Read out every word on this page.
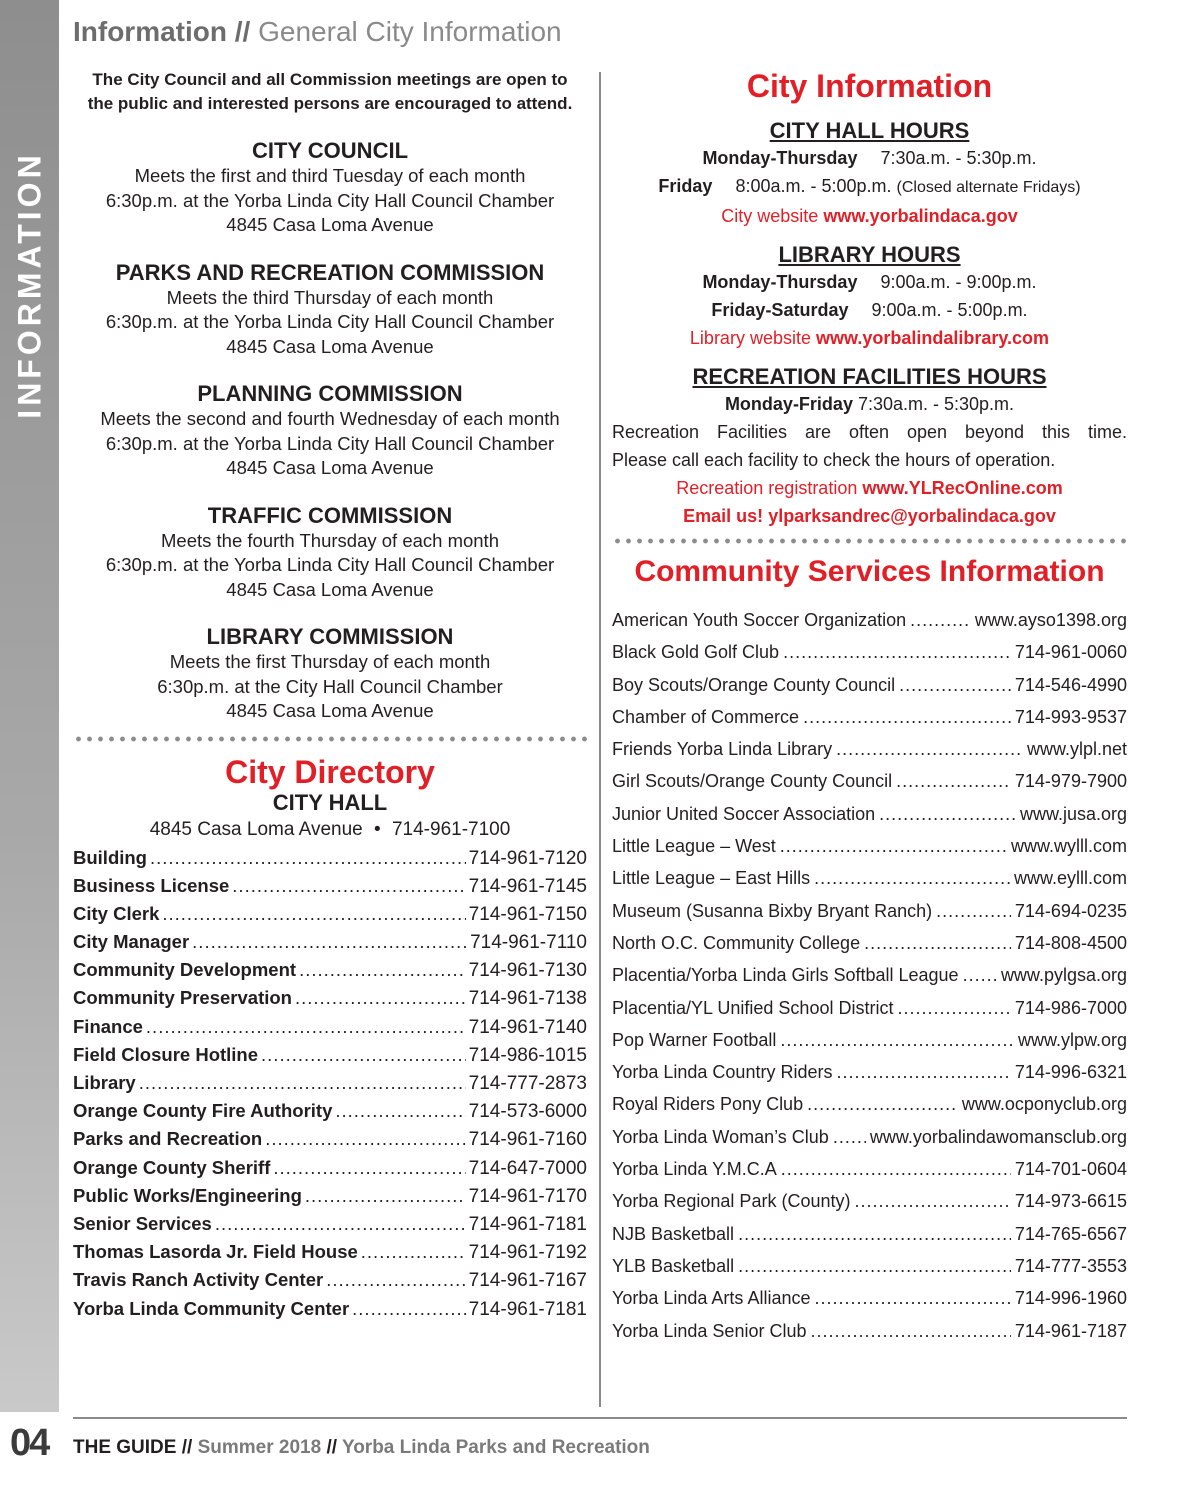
INFORMATION
04
Information // General City Information
The City Council and all Commission meetings are open to
the public and interested persons are encouraged to attend.
CITY COUNCIL
Meets the first and third Tuesday of each month
6:30p.m. at the Yorba Linda City Hall Council Chamber
4845 Casa Loma Avenue
PARKS AND RECREATION COMMISSION
Meets the third Thursday of each month
6:30p.m. at the Yorba Linda City Hall Council Chamber
4845 Casa Loma Avenue
PLANNING COMMISSION
Meets the second and fourth Wednesday of each month
6:30p.m. at the Yorba Linda City Hall Council Chamber
4845 Casa Loma Avenue
TRAFFIC COMMISSION
Meets the fourth Thursday of each month
6:30p.m. at the Yorba Linda City Hall Council Chamber
4845 Casa Loma Avenue
LIBRARY COMMISSION
Meets the first Thursday of each month
6:30p.m. at the City Hall Council Chamber
4845 Casa Loma Avenue
City Directory
CITY HALL
4845 Casa Loma Avenue • 714-961-7100
Building .....	714-961-7120
Business License .....	714-961-7145
City Clerk .....	714-961-7150
City Manager .....	714-961-7110
Community Development .....	714-961-7130
Community Preservation .....	714-961-7138
Finance .....	714-961-7140
Field Closure Hotline .....	714-986-1015
Library .....	714-777-2873
Orange County Fire Authority .....	714-573-6000
Parks and Recreation .....	714-961-7160
Orange County Sheriff .....	714-647-7000
Public Works/Engineering .....	714-961-7170
Senior Services .....	714-961-7181
Thomas Lasorda Jr. Field House .....	714-961-7192
Travis Ranch Activity Center .....	714-961-7167
Yorba Linda Community Center .....	714-961-7181
City Information
CITY HALL HOURS
Monday-Thursday 7:30a.m. - 5:30p.m.
Friday 8:00a.m. - 5:00p.m. (Closed alternate Fridays)
City website www.yorbalindaca.gov
LIBRARY HOURS
Monday-Thursday 9:00a.m. - 9:00p.m.
Friday-Saturday 9:00a.m. - 5:00p.m.
Library website www.yorbalindalibrary.com
RECREATION FACILITIES HOURS
Monday-Friday 7:30a.m. - 5:30p.m.
Recreation Facilities are often open beyond this time.
Please call each facility to check the hours of operation.
Recreation registration www.YLRecOnline.com
Email us! ylparksandrec@yorbalindaca.gov
Community Services Information
American Youth Soccer Organization .....	www.ayso1398.org
Black Gold Golf Club .....	714-961-0060
Boy Scouts/Orange County Council .....	714-546-4990
Chamber of Commerce .....	714-993-9537
Friends Yorba Linda Library .....	www.ylpl.net
Girl Scouts/Orange County Council .....	714-979-7900
Junior United Soccer Association .....	www.jusa.org
Little League – West .....	www.wylll.com
Little League – East Hills .....	www.eylll.com
Museum (Susanna Bixby Bryant Ranch) .....	714-694-0235
North O.C. Community College .....	714-808-4500
Placentia/Yorba Linda Girls Softball League ..... www.pylgsa.org
Placentia/YL Unified School District .....	714-986-7000
Pop Warner Football .....	www.ylpw.org
Yorba Linda Country Riders .....	714-996-6321
Royal Riders Pony Club .....	www.ocponyclub.org
Yorba Linda Woman’s Club ..... www.yorbalindawomansclub.org
Yorba Linda Y.M.C.A .....	714-701-0604
Yorba Regional Park (County) .....	714-973-6615
NJB Basketball .....	714-765-6567
YLB Basketball .....	714-777-3553
Yorba Linda Arts Alliance .....	714-996-1960
Yorba Linda Senior Club .....	714-961-7187
THE GUIDE // Summer 2018 // Yorba Linda Parks and Recreation
